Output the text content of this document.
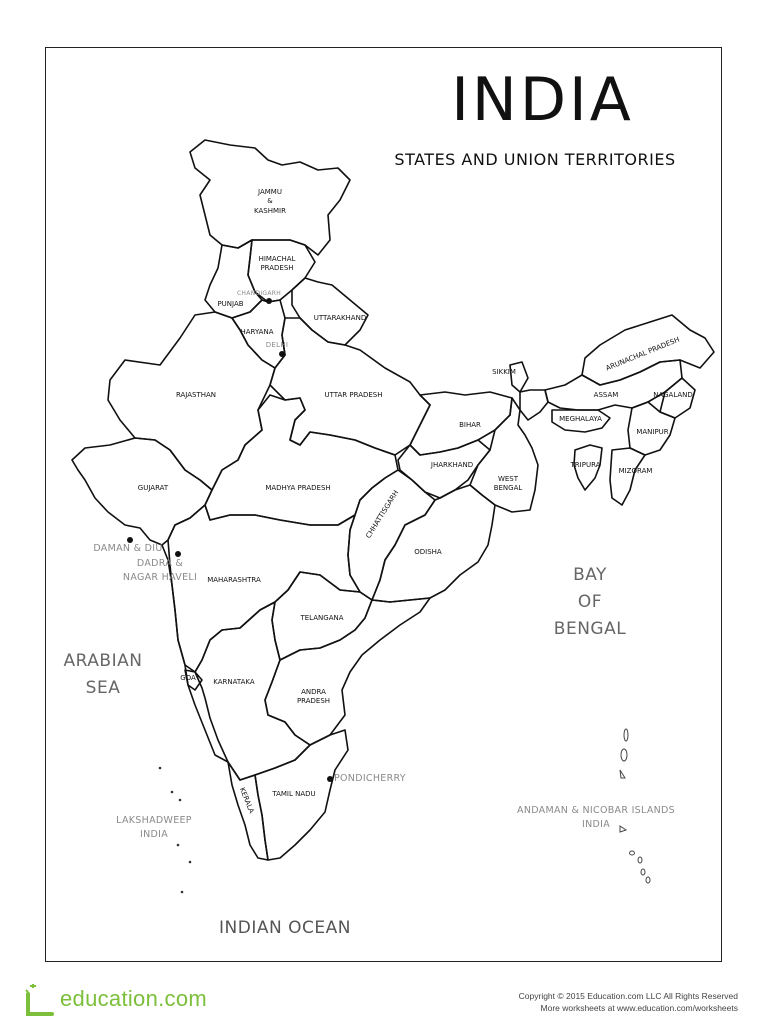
INDIA
STATES AND UNION TERRITORIES
JAMMU
&
KASHMIR
HIMACHAL
PRADESH
PUNJAB
HARYANA
UTTARAKHAND
RAJASTHAN	UTTAR PRADESH
SIKKIM	ARUNACHAL PRADESH
ASSAM	NAGALAND
MEGHALAYA
MANIPUR
TRIPURA
MIZORAM
BIHAR
JHARKHAND
WEST
BENGAL
GUJARAT	MADHYA PRADESH
CHHATTISGARH
ODISHA
MAHARASHTRA
TELANGANA
GOA	KARNATAKA
ANDRA
PRADESH
TAMIL NADU
KERALA
CHANDIGARH
DELHI
DAMAN & DIU
DADRA &
NAGAR HAVELI
PONDICHERRY
LAKSHADWEEP
INDIA
ANDAMAN & NICOBAR ISLANDS
INDIA
BAY
OF
BENGAL
ARABIAN
SEA
INDIAN OCEAN
education.com	Copyright © 2015 Education.com LLC All Rights Reserved
More worksheets at www.education.com/worksheets
